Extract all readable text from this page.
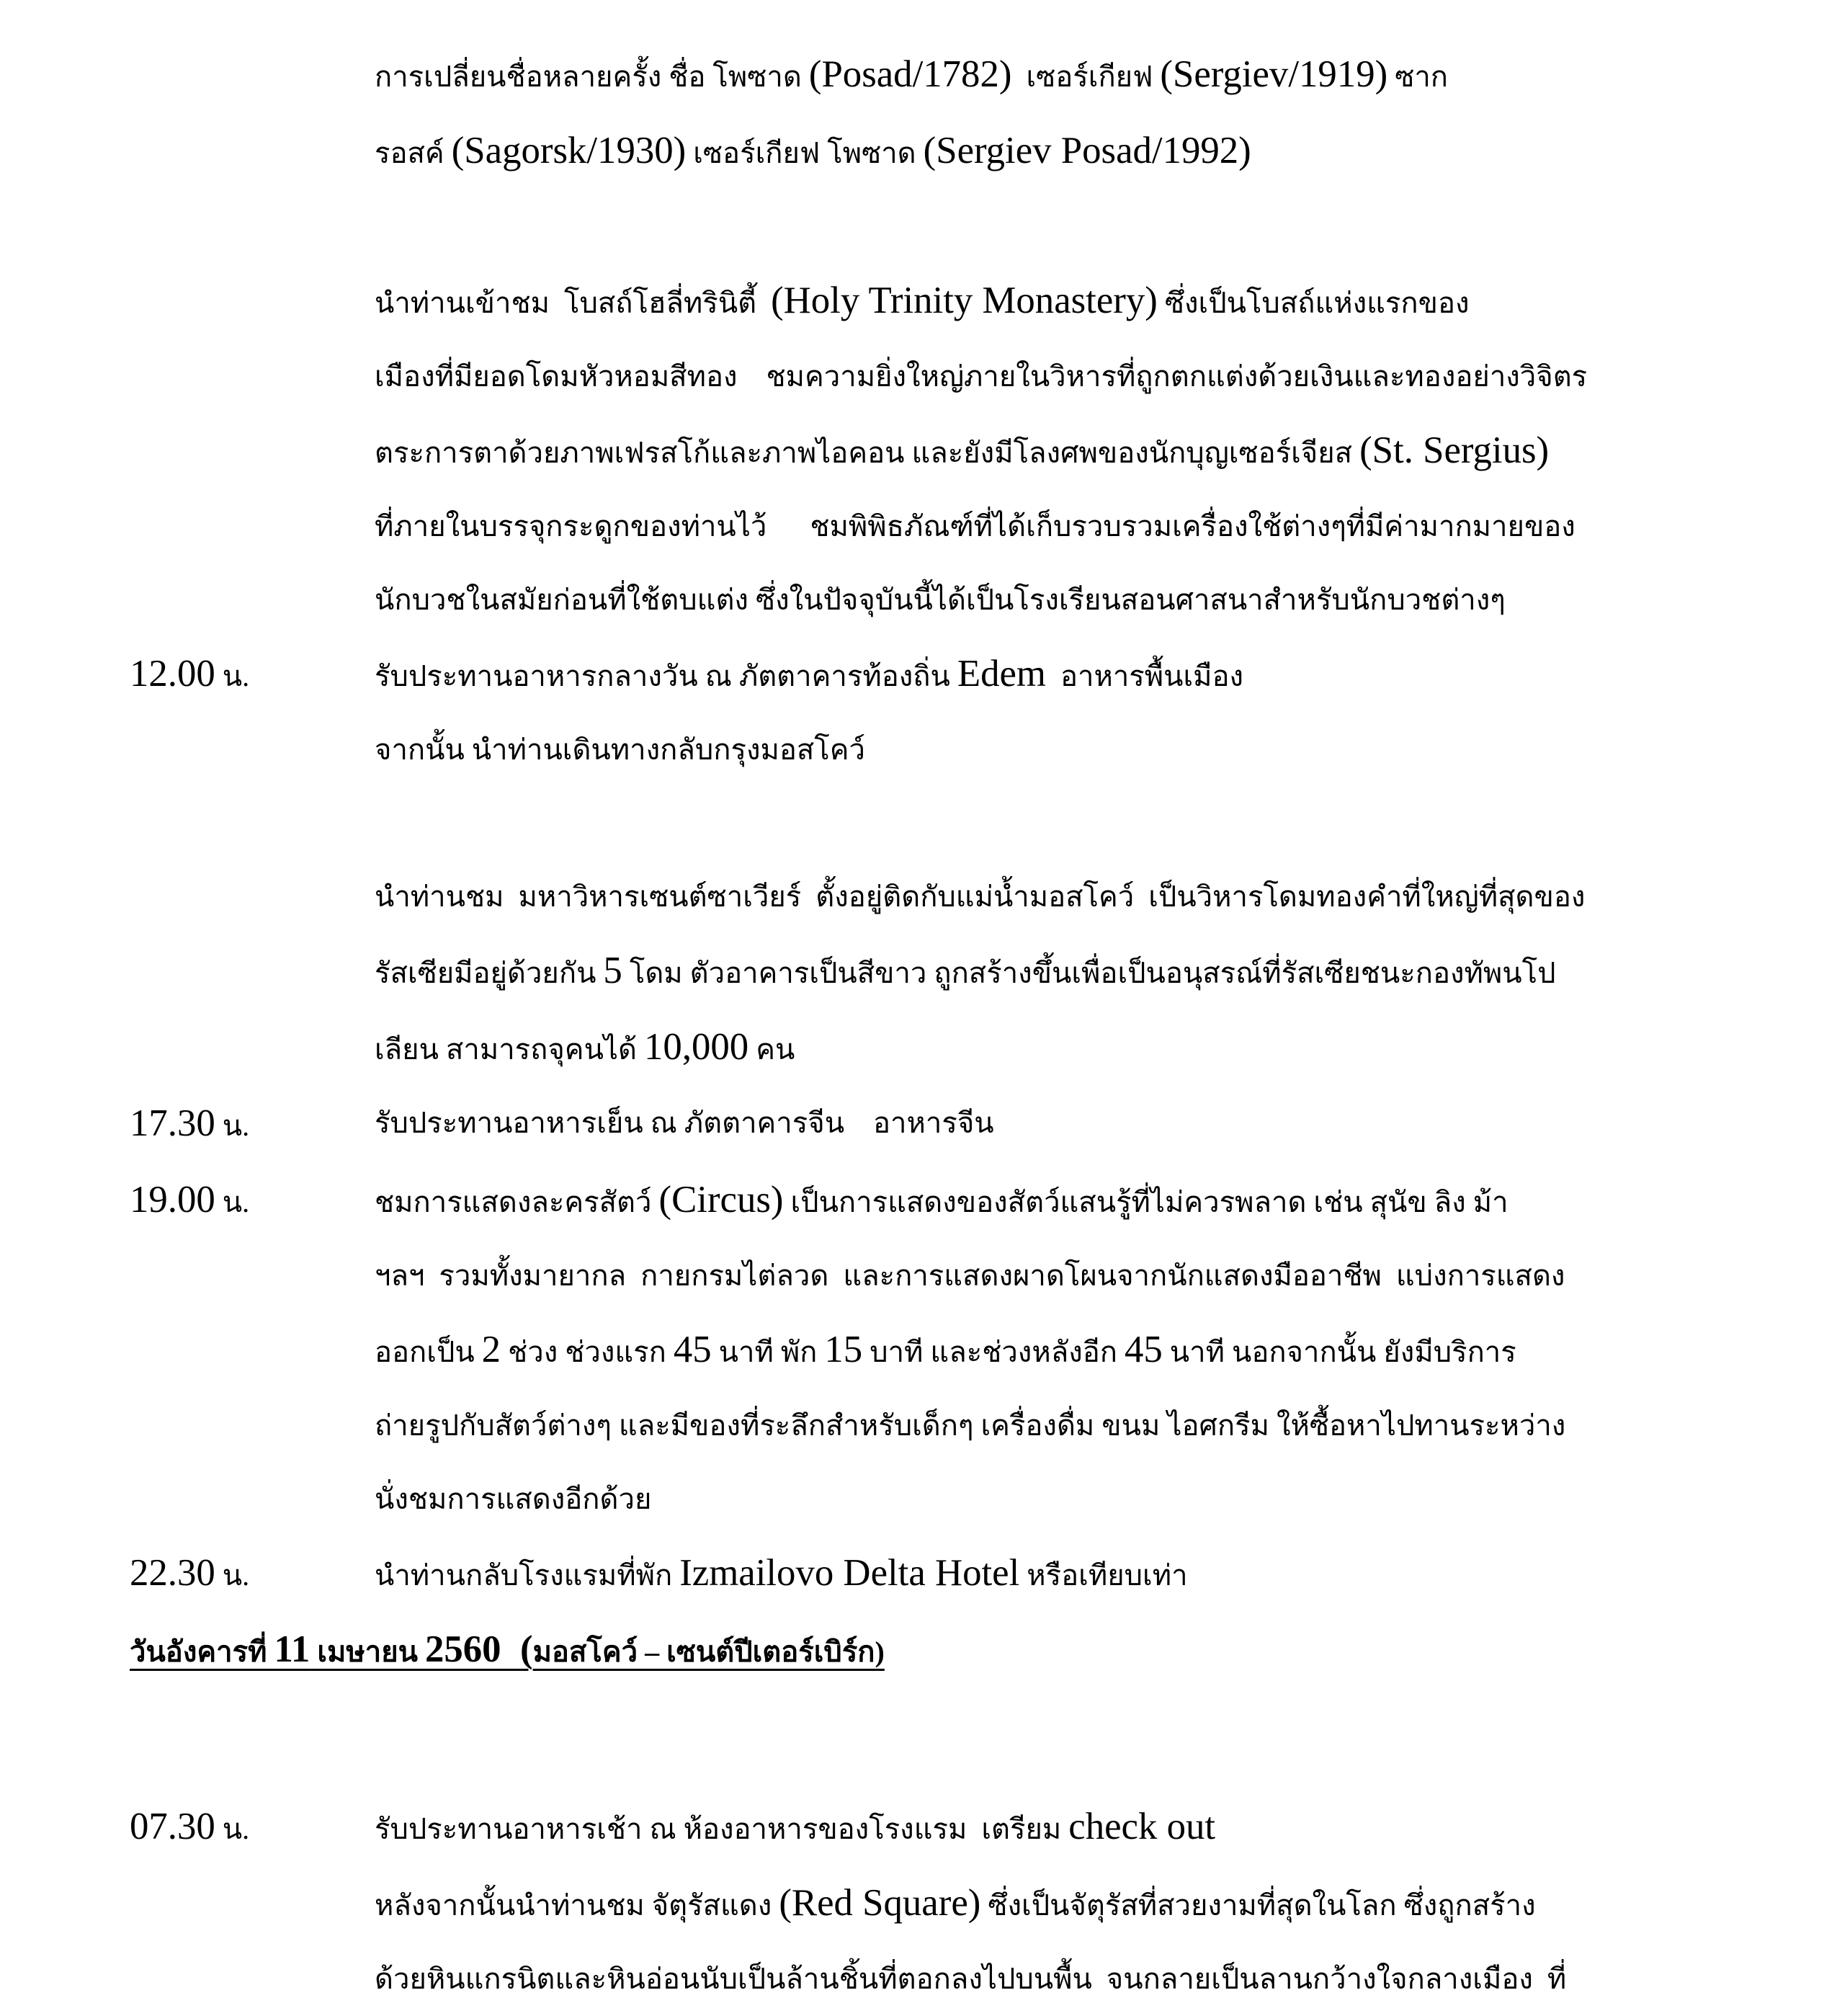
การเปลี่ยนชื่อหลายครั้ง ชื่อ โพซาด (Posad/1782)  เซอร์เกียฟ (Sergiev/1919) ซาก
รอสค์ (Sagorsk/1930) เซอร์เกียฟ โพซาด (Sergiev Posad/1992)
นำท่านเข้าชม  โบสถ์โฮลี่ทรินิตี้  (Holy Trinity Monastery) ซึ่งเป็นโบสถ์แห่งแรกของ
เมืองที่มียอดโดมหัวหอมสีทอง    ชมความยิ่งใหญ่ภายในวิหารที่ถูกตกแต่งด้วยเงินและทองอย่างวิจิตร
ตระการตาด้วยภาพเฟรสโก้และภาพไอคอน และยังมีโลงศพของนักบุญเซอร์เจียส (St. Sergius)
ที่ภายในบรรจุกระดูกของท่านไว้      ชมพิพิธภัณฑ์ที่ได้เก็บรวบรวมเครื่องใช้ต่างๆที่มีค่ามากมายของ
นักบวชในสมัยก่อนที่ใช้ตบแต่ง ซึ่งในปัจจุบันนี้ได้เป็นโรงเรียนสอนศาสนาสำหรับนักบวชต่างๆ
12.00 น.	รับประทานอาหารกลางวัน ณ ภัตตาคารท้องถิ่น Edem  อาหารพื้นเมือง
จากนั้น นำท่านเดินทางกลับกรุงมอสโคว์
นำท่านชม  มหาวิหารเซนต์ซาเวียร์  ตั้งอยู่ติดกับแม่น้ำมอสโคว์  เป็นวิหารโดมทองคำที่ใหญ่ที่สุดของ
รัสเซียมีอยู่ด้วยกัน 5 โดม ตัวอาคารเป็นสีขาว ถูกสร้างขึ้นเพื่อเป็นอนุสรณ์ที่รัสเซียชนะกองทัพนโป
เลียน สามารถจุคนได้ 10,000 คน
17.30 น.	รับประทานอาหารเย็น ณ ภัตตาคารจีน    อาหารจีน
19.00 น.	ชมการแสดงละครสัตว์ (Circus) เป็นการแสดงของสัตว์แสนรู้ที่ไม่ควรพลาด เช่น สุนัข ลิง ม้า
ฯลฯ  รวมทั้งมายากล  กายกรมไต่ลวด  และการแสดงผาดโผนจากนักแสดงมืออาชีพ  แบ่งการแสดง
ออกเป็น 2 ช่วง ช่วงแรก 45 นาที พัก 15 บาที และช่วงหลังอีก 45 นาที นอกจากนั้น ยังมีบริการ
ถ่ายรูปกับสัตว์ต่างๆ และมีของที่ระลึกสำหรับเด็กๆ เครื่องดื่ม ขนม ไอศกรีม ให้ซื้อหาไปทานระหว่าง
นั่งชมการแสดงอีกด้วย
22.30 น.	นำท่านกลับโรงแรมที่พัก Izmailovo Delta Hotel หรือเทียบเท่า
วันอังคารที่ 11 เมษายน 2560  (มอสโคว์ – เซนต์ปีเตอร์เบิร์ก)
07.30 น.	รับประทานอาหารเช้า ณ ห้องอาหารของโรงแรม  เตรียม check out
หลังจากนั้นนำท่านชม จัตุรัสแดง (Red Square) ซึ่งเป็นจัตุรัสที่สวยงามที่สุดในโลก ซึ่งถูกสร้าง
ด้วยหินแกรนิตและหินอ่อนนับเป็นล้านชิ้นที่ตอกลงไปบนพื้น  จนกลายเป็นลานกว้างใจกลางเมือง  ที่
